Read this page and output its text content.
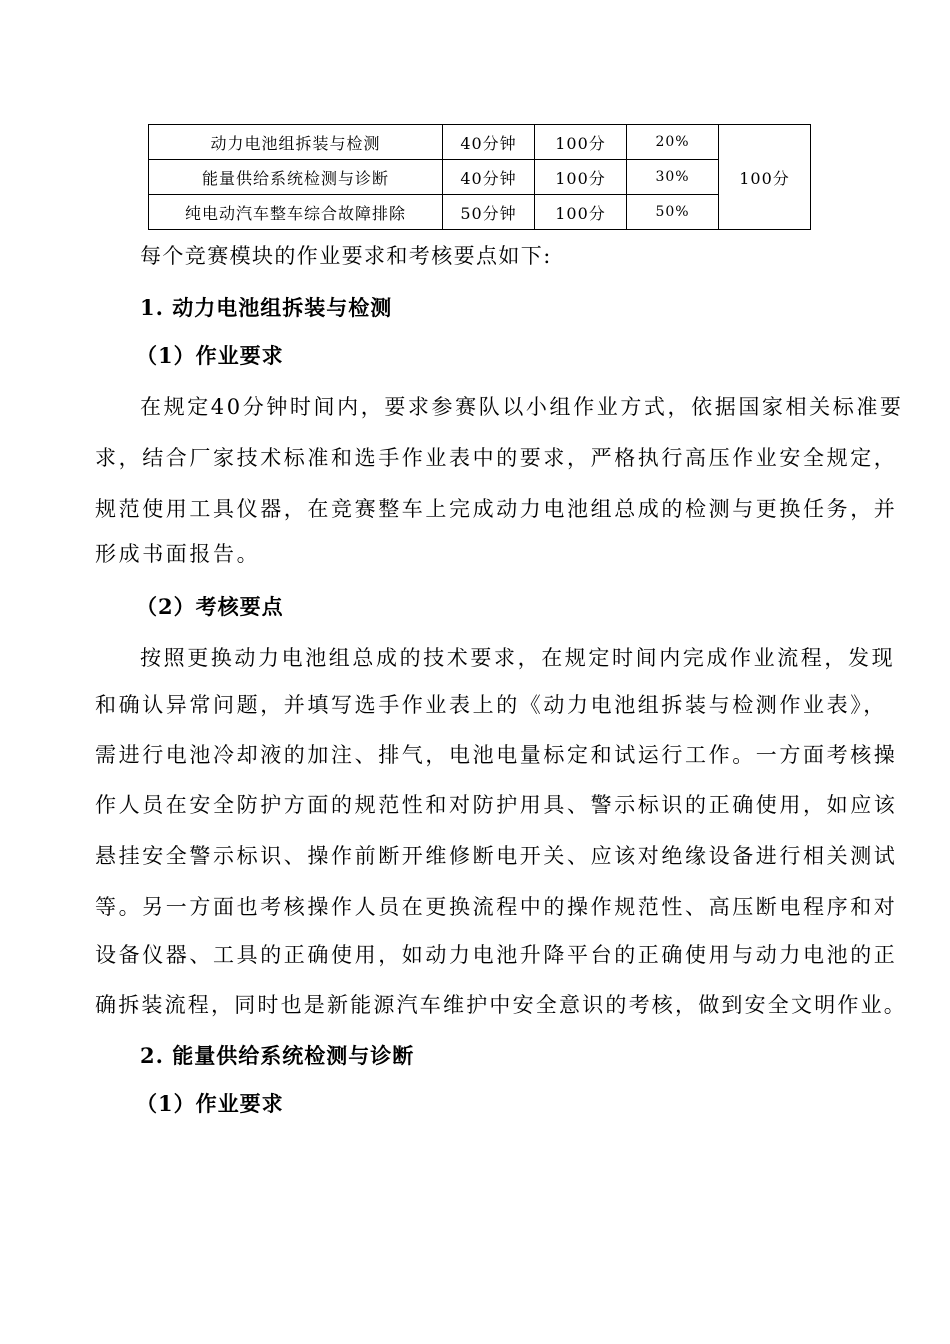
动力电池组拆装与检测	40分钟	100分	20%	100分
能量供给系统检测与诊断	40分钟	100分	30%	
纯电动汽车整车综合故障排除	50分钟	100分	50%	

每个竞赛模块的作业要求和考核要点如下:

1. 动力电池组拆装与检测

（1）作业要求

在规定40分钟时间内，要求参赛队以小组作业方式，依据国家相关标准要

求，结合厂家技术标准和选手作业表中的要求，严格执行高压作业安全规定，

规范使用工具仪器，在竞赛整车上完成动力电池组总成的检测与更换任务，并

形成书面报告。

（2）考核要点

按照更换动力电池组总成的技术要求，在规定时间内完成作业流程，发现

和确认异常问题，并填写选手作业表上的《动力电池组拆装与检测作业表》，

需进行电池冷却液的加注、排气，电池电量标定和试运行工作。一方面考核操

作人员在安全防护方面的规范性和对防护用具、警示标识的正确使用，如应该

悬挂安全警示标识、操作前断开维修断电开关、应该对绝缘设备进行相关测试

等。另一方面也考核操作人员在更换流程中的操作规范性、高压断电程序和对

设备仪器、工具的正确使用，如动力电池升降平台的正确使用与动力电池的正

确拆装流程，同时也是新能源汽车维护中安全意识的考核，做到安全文明作业。

2. 能量供给系统检测与诊断

（1）作业要求
